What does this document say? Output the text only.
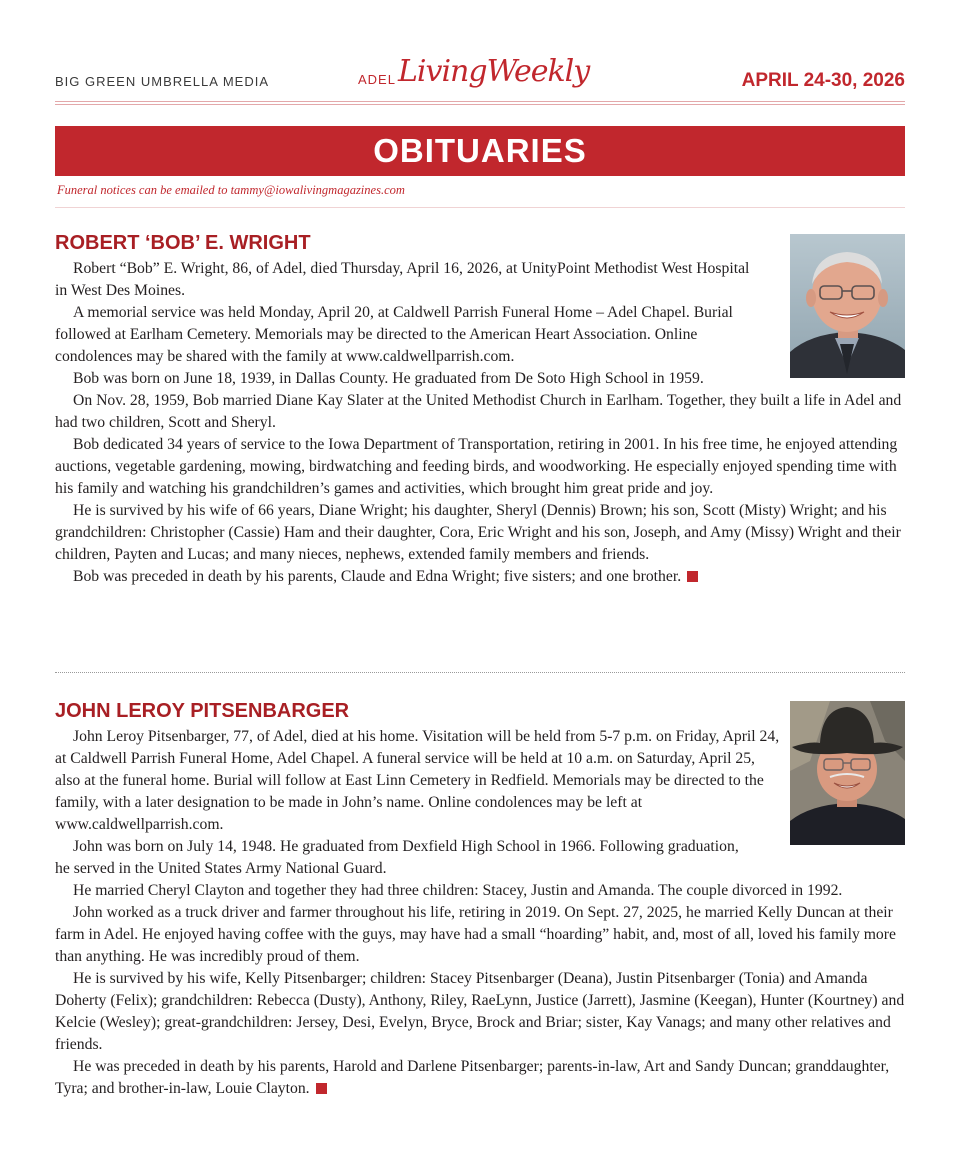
BIG GREEN UMBRELLA MEDIA	ADEL LivingWeekly	APRIL 24-30, 2026
OBITUARIES
Funeral notices can be emailed to tammy@iowalivingmagazines.com
ROBERT ‘BOB’ E. WRIGHT

Robert “Bob” E. Wright, 86, of Adel, died Thursday, April 16, 2026, at UnityPoint Methodist West Hospital in West Des Moines.

A memorial service was held Monday, April 20, at Caldwell Parrish Funeral Home – Adel Chapel. Burial followed at Earlham Cemetery. Memorials may be directed to the American Heart Association. Online condolences may be shared with the family at www.caldwellparrish.com.

Bob was born on June 18, 1939, in Dallas County. He graduated from De Soto High School in 1959.

On Nov. 28, 1959, Bob married Diane Kay Slater at the United Methodist Church in Earlham. Together, they built a life in Adel and had two children, Scott and Sheryl.

Bob dedicated 34 years of service to the Iowa Department of Transportation, retiring in 2001. In his free time, he enjoyed attending auctions, vegetable gardening, mowing, birdwatching and feeding birds, and woodworking. He especially enjoyed spending time with his family and watching his grandchildren’s games and activities, which brought him great pride and joy.

He is survived by his wife of 66 years, Diane Wright; his daughter, Sheryl (Dennis) Brown; his son, Scott (Misty) Wright; and his grandchildren: Christopher (Cassie) Ham and their daughter, Cora, Eric Wright and his son, Joseph, and Amy (Missy) Wright and their children, Payten and Lucas; and many nieces, nephews, extended family members and friends.

Bob was preceded in death by his parents, Claude and Edna Wright; five sisters; and one brother.

JOHN LEROY PITSENBARGER

John Leroy Pitsenbarger, 77, of Adel, died at his home. Visitation will be held from 5-7 p.m. on Friday, April 24, at Caldwell Parrish Funeral Home, Adel Chapel. A funeral service will be held at 10 a.m. on Saturday, April 25, also at the funeral home. Burial will follow at East Linn Cemetery in Redfield. Memorials may be directed to the family, with a later designation to be made in John’s name. Online condolences may be left at www.caldwellparrish.com.

John was born on July 14, 1948. He graduated from Dexfield High School in 1966. Following graduation, he served in the United States Army National Guard.

He married Cheryl Clayton and together they had three children: Stacey, Justin and Amanda. The couple divorced in 1992.

John worked as a truck driver and farmer throughout his life, retiring in 2019. On Sept. 27, 2025, he married Kelly Duncan at their farm in Adel. He enjoyed having coffee with the guys, may have had a small “hoarding” habit, and, most of all, loved his family more than anything. He was incredibly proud of them.

He is survived by his wife, Kelly Pitsenbarger; children: Stacey Pitsenbarger (Deana), Justin Pitsenbarger (Tonia) and Amanda Doherty (Felix); grandchildren: Rebecca (Dusty), Anthony, Riley, RaeLynn, Justice (Jarrett), Jasmine (Keegan), Hunter (Kourtney) and Kelcie (Wesley); great-grandchildren: Jersey, Desi, Evelyn, Bryce, Brock and Briar; sister, Kay Vanags; and many other relatives and friends.

He was preceded in death by his parents, Harold and Darlene Pitsenbarger; parents-in-law, Art and Sandy Duncan; granddaughter, Tyra; and brother-in-law, Louie Clayton.
